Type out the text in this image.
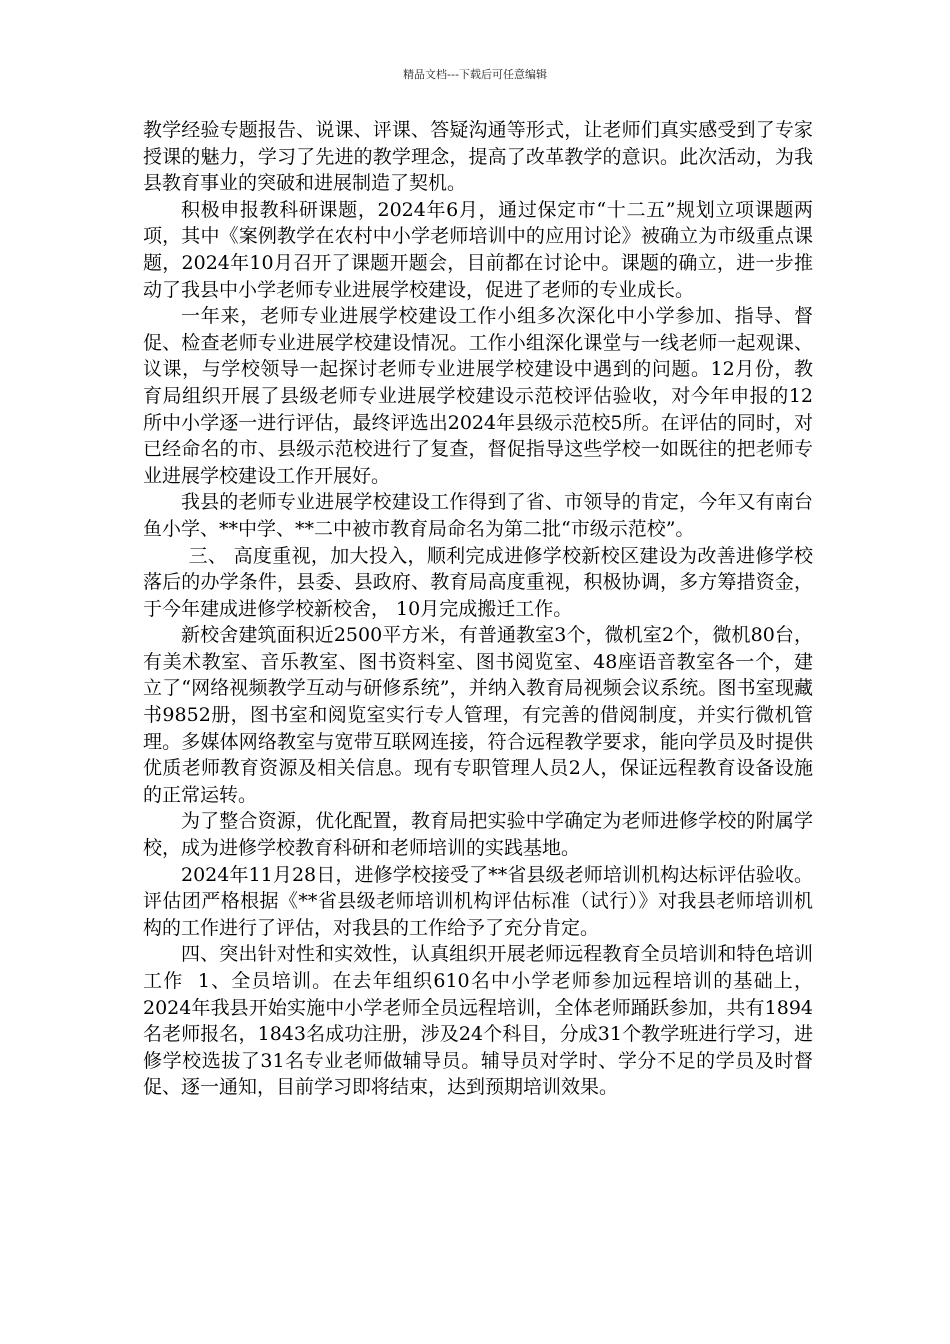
精品文档---下载后可任意编辑

教学经验专题报告、说课、评课、答疑沟通等形式，让老师们真实感受到了专家授课的魅力，学习了先进的教学理念，提高了改革教学的意识。此次活动，为我县教育事业的突破和进展制造了契机。

积极申报教科研课题，2024年6月，通过保定市“十二五”规划立项课题两项，其中《案例教学在农村中小学老师培训中的应用讨论》被确立为市级重点课题，2024年10月召开了课题开题会，目前都在讨论中。课题的确立，进一步推动了我县中小学老师专业进展学校建设，促进了老师的专业成长。

一年来，老师专业进展学校建设工作小组多次深化中小学参加、指导、督促、检查老师专业进展学校建设情况。工作小组深化课堂与一线老师一起观课、议课，与学校领导一起探讨老师专业进展学校建设中遇到的问题。12月份，教育局组织开展了县级老师专业进展学校建设示范校评估验收，对今年申报的12所中小学逐一进行评估，最终评选出2024年县级示范校5所。在评估的同时，对已经命名的市、县级示范校进行了复查，督促指导这些学校一如既往的把老师专业进展学校建设工作开展好。

我县的老师专业进展学校建设工作得到了省、市领导的肯定，今年又有南台鱼小学、**中学、**二中被市教育局命名为第二批“市级示范校”。

三、 高度重视，加大投入，顺利完成进修学校新校区建设为改善进修学校落后的办学条件，县委、县政府、教育局高度重视，积极协调，多方筹措资金，于今年建成进修学校新校舍， 10月完成搬迁工作。

新校舍建筑面积近2500平方米，有普通教室3个，微机室2个，微机80台，有美术教室、音乐教室、图书资料室、图书阅览室、48座语音教室各一个，建立了“网络视频教学互动与研修系统”，并纳入教育局视频会议系统。图书室现藏书9852册，图书室和阅览室实行专人管理，有完善的借阅制度，并实行微机管理。多媒体网络教室与宽带互联网连接，符合远程教学要求，能向学员及时提供优质老师教育资源及相关信息。现有专职管理人员2人，保证远程教育设备设施的正常运转。

为了整合资源，优化配置，教育局把实验中学确定为老师进修学校的附属学校，成为进修学校教育科研和老师培训的实践基地。

2024年11月28日，进修学校接受了**省县级老师培训机构达标评估验收。评估团严格根据《**省县级老师培训机构评估标准（试行）》对我县老师培训机构的工作进行了评估，对我县的工作给予了充分肯定。

四、突出针对性和实效性，认真组织开展老师远程教育全员培训和特色培训工作  1、全员培训。在去年组织610名中小学老师参加远程培训的基础上，2024年我县开始实施中小学老师全员远程培训，全体老师踊跃参加，共有1894名老师报名，1843名成功注册，涉及24个科目，分成31个教学班进行学习，进修学校选拔了31名专业老师做辅导员。辅导员对学时、学分不足的学员及时督促、逐一通知，目前学习即将结束，达到预期培训效果。
